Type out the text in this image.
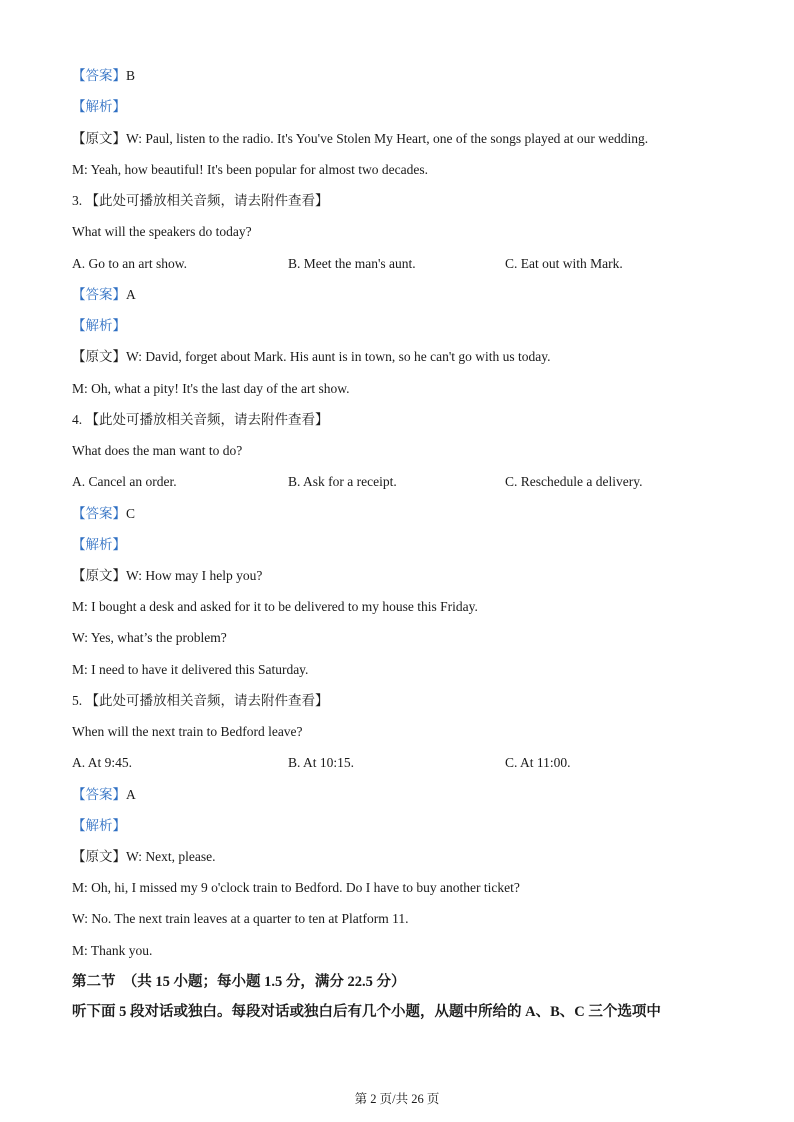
【答案】B
【解析】
【原文】W: Paul, listen to the radio. It's You've Stolen My Heart, one of the songs played at our wedding.
M: Yeah, how beautiful! It's been popular for almost two decades.
3. 【此处可播放相关音频，请去附件查看】
What will the speakers do today?
A. Go to an art show.	B. Meet the man's aunt.	C. Eat out with Mark.
【答案】A
【解析】
【原文】W: David, forget about Mark. His aunt is in town, so he can't go with us today.
M: Oh, what a pity! It's the last day of the art show.
4. 【此处可播放相关音频，请去附件查看】
What does the man want to do?
A. Cancel an order.	B. Ask for a receipt.	C. Reschedule a delivery.
【答案】C
【解析】
【原文】W: How may I help you?
M: I bought a desk and asked for it to be delivered to my house this Friday.
W: Yes, what’s the problem?
M: I need to have it delivered this Saturday.
5. 【此处可播放相关音频，请去附件查看】
When will the next train to Bedford leave?
A. At 9:45.	B. At 10:15.	C. At 11:00.
【答案】A
【解析】
【原文】W: Next, please.
M: Oh, hi, I missed my 9 o'clock train to Bedford. Do I have to buy another ticket?
W: No. The next train leaves at a quarter to ten at Platform 11.
M: Thank you.
第二节　（共 15 小题；每小题 1.5 分，满分 22.5 分）
听下面 5 段对话或独白。每段对话或独白后有几个小题，从题中所给的 A、B、C 三个选项中
第 2 页/共 26 页
